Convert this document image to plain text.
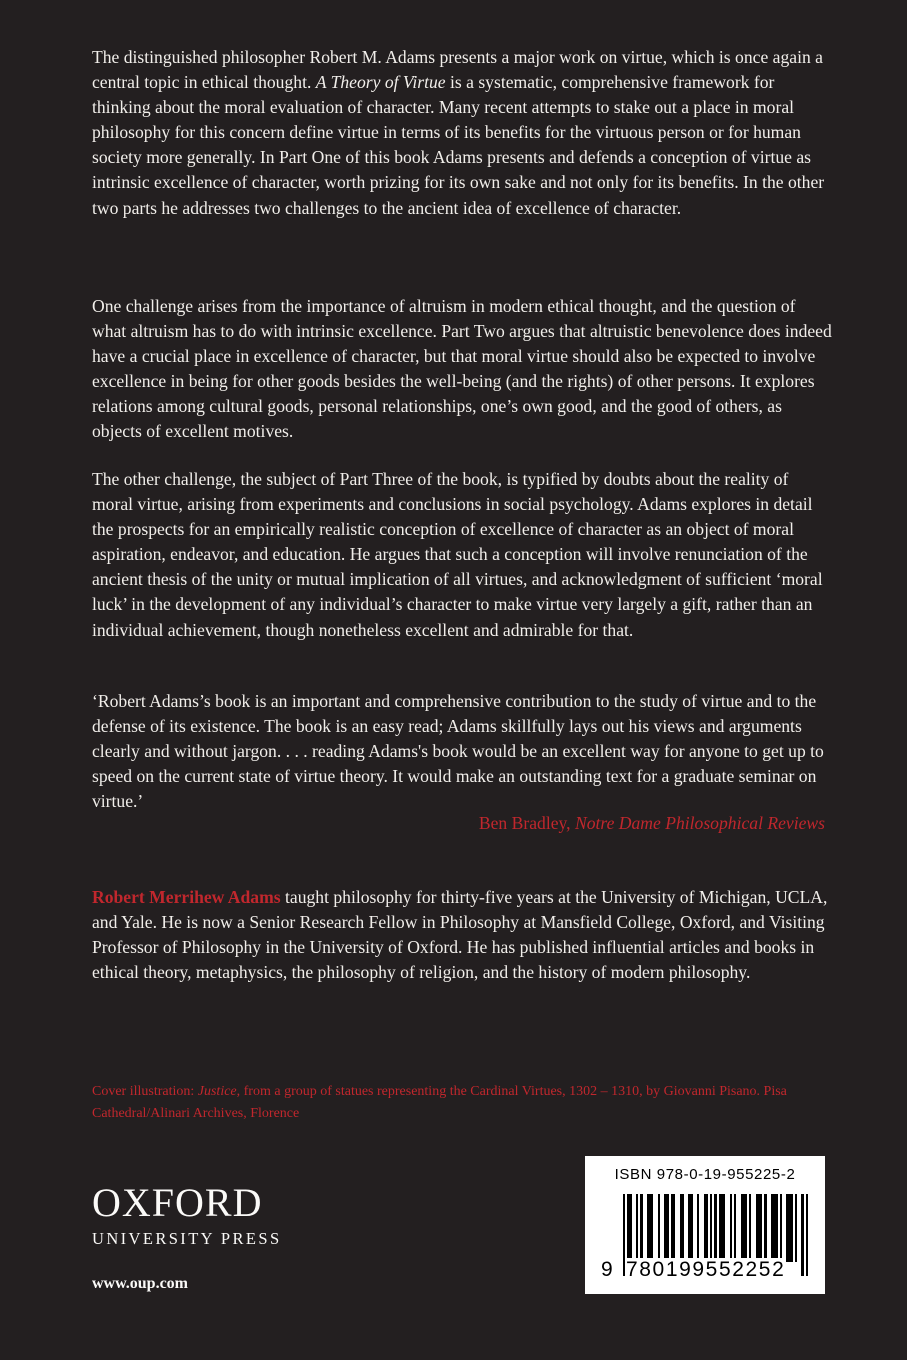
The distinguished philosopher Robert M. Adams presents a major work on virtue, which is once again a central topic in ethical thought. A Theory of Virtue is a systematic, comprehensive framework for thinking about the moral evaluation of character. Many recent attempts to stake out a place in moral philosophy for this concern define virtue in terms of its benefits for the virtuous person or for human society more generally. In Part One of this book Adams presents and defends a conception of virtue as intrinsic excellence of character, worth prizing for its own sake and not only for its benefits. In the other two parts he addresses two challenges to the ancient idea of excellence of character.

One challenge arises from the importance of altruism in modern ethical thought, and the question of what altruism has to do with intrinsic excellence. Part Two argues that altruistic benevolence does indeed have a crucial place in excellence of character, but that moral virtue should also be expected to involve excellence in being for other goods besides the well-being (and the rights) of other persons. It explores relations among cultural goods, personal relationships, one’s own good, and the good of others, as objects of excellent motives.

The other challenge, the subject of Part Three of the book, is typified by doubts about the reality of moral virtue, arising from experiments and conclusions in social psychology. Adams explores in detail the prospects for an empirically realistic conception of excellence of character as an object of moral aspiration, endeavor, and education. He argues that such a conception will involve renunciation of the ancient thesis of the unity or mutual implication of all virtues, and acknowledgment of sufficient ‘moral luck’ in the development of any individual’s character to make virtue very largely a gift, rather than an individual achievement, though nonetheless excellent and admirable for that.

‘Robert Adams’s book is an important and comprehensive contribution to the study of virtue and to the defense of its existence. The book is an easy read; Adams skillfully lays out his views and arguments clearly and without jargon. . . . reading Adams's book would be an excellent way for anyone to get up to speed on the current state of virtue theory. It would make an outstanding text for a graduate seminar on virtue.’

Ben Bradley, Notre Dame Philosophical Reviews

Robert Merrihew Adams taught philosophy for thirty-five years at the University of Michigan, UCLA, and Yale. He is now a Senior Research Fellow in Philosophy at Mansfield College, Oxford, and Visiting Professor of Philosophy in the University of Oxford. He has published influential articles and books in ethical theory, metaphysics, the philosophy of religion, and the history of modern philosophy.

Cover illustration: Justice, from a group of statues representing the Cardinal Virtues, 1302 – 1310, by Giovanni Pisano. Pisa Cathedral/Alinari Archives, Florence
OXFORD
UNIVERSITY PRESS
www.oup.com
ISBN 978-0-19-955225-2
9 780199552252
